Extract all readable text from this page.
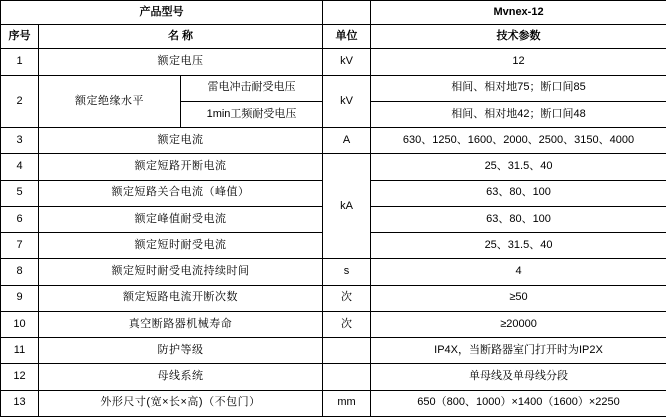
产品型号				Mvnex-12
序号	名 称		单位	技术参数
1	额定电压		kV	12
2	额定绝缘水平	雷电冲击耐受电压	kV	相间、相对地75；断口间85
		1min工频耐受电压		相间、相对地42；断口间48
3	额定电流		A	630、1250、1600、2000、2500、3150、4000
4	额定短路开断电流		kA	25、31.5、40
5	额定短路关合电流（峰值）			63、80、100
6	额定峰值耐受电流			63、80、100
7	额定短时耐受电流			25、31.5、40
8	额定短时耐受电流持续时间		s	4
9	额定短路电流开断次数		次	≥50
10	真空断路器机械寿命		次	≥20000
11	防护等级			IP4X，当断路器室门打开时为IP2X
12	母线系统			单母线及单母线分段
13	外形尺寸(宽×长×高)（不包门）		mm	650（800、1000）×1400（1600）×2250
